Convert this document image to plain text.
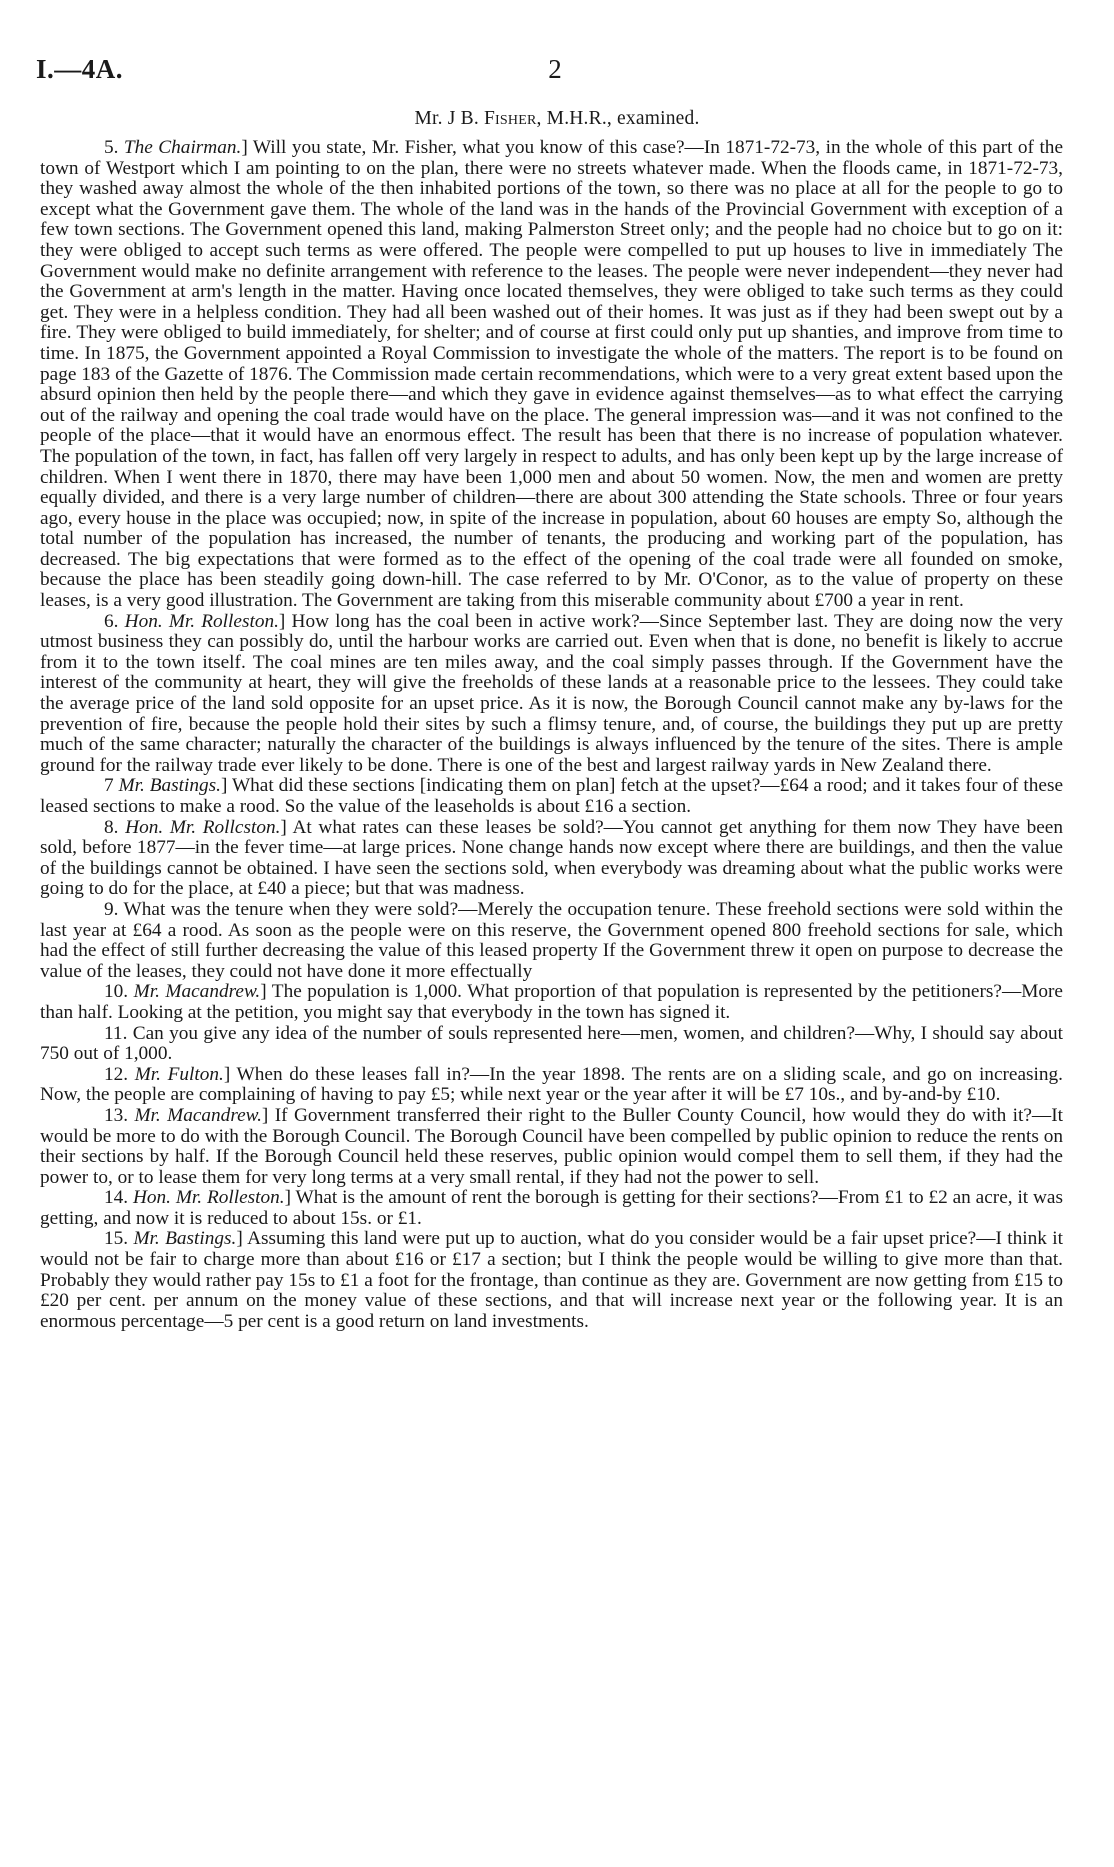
I.—4A.	2
Mr. J B. Fisher, M.H.R., examined.

5. The Chairman.] Will you state, Mr. Fisher, what you know of this case?—In 1871-72-73, in the whole of this part of the town of Westport which I am pointing to on the plan, there were no streets whatever made. When the floods came, in 1871-72-73, they washed away almost the whole of the then inhabited portions of the town, so there was no place at all for the people to go to except what the Government gave them. The whole of the land was in the hands of the Provincial Government with exception of a few town sections. The Government opened this land, making Palmerston Street only; and the people had no choice but to go on it: they were obliged to accept such terms as were offered. The people were compelled to put up houses to live in immediately The Government would make no definite arrangement with reference to the leases. The people were never independent—they never had the Government at arm's length in the matter. Having once located themselves, they were obliged to take such terms as they could get. They were in a helpless condition. They had all been washed out of their homes. It was just as if they had been swept out by a fire. They were obliged to build immediately, for shelter; and of course at first could only put up shanties, and improve from time to time. In 1875, the Government appointed a Royal Commission to investigate the whole of the matters. The report is to be found on page 183 of the Gazette of 1876. The Commission made certain recommendations, which were to a very great extent based upon the absurd opinion then held by the people there—and which they gave in evidence against themselves—as to what effect the carrying out of the railway and opening the coal trade would have on the place. The general impression was—and it was not confined to the people of the place—that it would have an enormous effect. The result has been that there is no increase of population whatever. The population of the town, in fact, has fallen off very largely in respect to adults, and has only been kept up by the large increase of children. When I went there in 1870, there may have been 1,000 men and about 50 women. Now, the men and women are pretty equally divided, and there is a very large number of children—there are about 300 attending the State schools. Three or four years ago, every house in the place was occupied; now, in spite of the increase in population, about 60 houses are empty So, although the total number of the population has increased, the number of tenants, the producing and working part of the population, has decreased. The big expectations that were formed as to the effect of the opening of the coal trade were all founded on smoke, because the place has been steadily going down-hill. The case referred to by Mr. O'Conor, as to the value of property on these leases, is a very good illustration. The Government are taking from this miserable community about £700 a year in rent.

6. Hon. Mr. Rolleston.] How long has the coal been in active work?—Since September last. They are doing now the very utmost business they can possibly do, until the harbour works are carried out. Even when that is done, no benefit is likely to accrue from it to the town itself. The coal mines are ten miles away, and the coal simply passes through. If the Government have the interest of the community at heart, they will give the freeholds of these lands at a reasonable price to the lessees. They could take the average price of the land sold opposite for an upset price. As it is now, the Borough Council cannot make any by-laws for the prevention of fire, because the people hold their sites by such a flimsy tenure, and, of course, the buildings they put up are pretty much of the same character; naturally the character of the buildings is always influenced by the tenure of the sites. There is ample ground for the railway trade ever likely to be done. There is one of the best and largest railway yards in New Zealand there.

7 Mr. Bastings.] What did these sections [indicating them on plan] fetch at the upset?—£64 a rood; and it takes four of these leased sections to make a rood. So the value of the leaseholds is about £16 a section.

8. Hon. Mr. Rollcston.] At what rates can these leases be sold?—You cannot get anything for them now They have been sold, before 1877—in the fever time—at large prices. None change hands now except where there are buildings, and then the value of the buildings cannot be obtained. I have seen the sections sold, when everybody was dreaming about what the public works were going to do for the place, at £40 a piece; but that was madness.

9. What was the tenure when they were sold?—Merely the occupation tenure. These freehold sections were sold within the last year at £64 a rood. As soon as the people were on this reserve, the Government opened 800 freehold sections for sale, which had the effect of still further decreasing the value of this leased property If the Government threw it open on purpose to decrease the value of the leases, they could not have done it more effectually

10. Mr. Macandrew.] The population is 1,000. What proportion of that population is represented by the petitioners?—More than half. Looking at the petition, you might say that everybody in the town has signed it.

11. Can you give any idea of the number of souls represented here—men, women, and children?—Why, I should say about 750 out of 1,000.

12. Mr. Fulton.] When do these leases fall in?—In the year 1898. The rents are on a sliding scale, and go on increasing. Now, the people are complaining of having to pay £5; while next year or the year after it will be £7 10s., and by-and-by £10.

13. Mr. Macandrew.] If Government transferred their right to the Buller County Council, how would they do with it?—It would be more to do with the Borough Council. The Borough Council have been compelled by public opinion to reduce the rents on their sections by half. If the Borough Council held these reserves, public opinion would compel them to sell them, if they had the power to, or to lease them for very long terms at a very small rental, if they had not the power to sell.

14. Hon. Mr. Rolleston.] What is the amount of rent the borough is getting for their sections?—From £1 to £2 an acre, it was getting, and now it is reduced to about 15s. or £1.

15. Mr. Bastings.] Assuming this land were put up to auction, what do you consider would be a fair upset price?—I think it would not be fair to charge more than about £16 or £17 a section; but I think the people would be willing to give more than that. Probably they would rather pay 15s to £1 a foot for the frontage, than continue as they are. Government are now getting from £15 to £20 per cent. per annum on the money value of these sections, and that will increase next year or the following year. It is an enormous percentage—5 per cent is a good return on land investments.
